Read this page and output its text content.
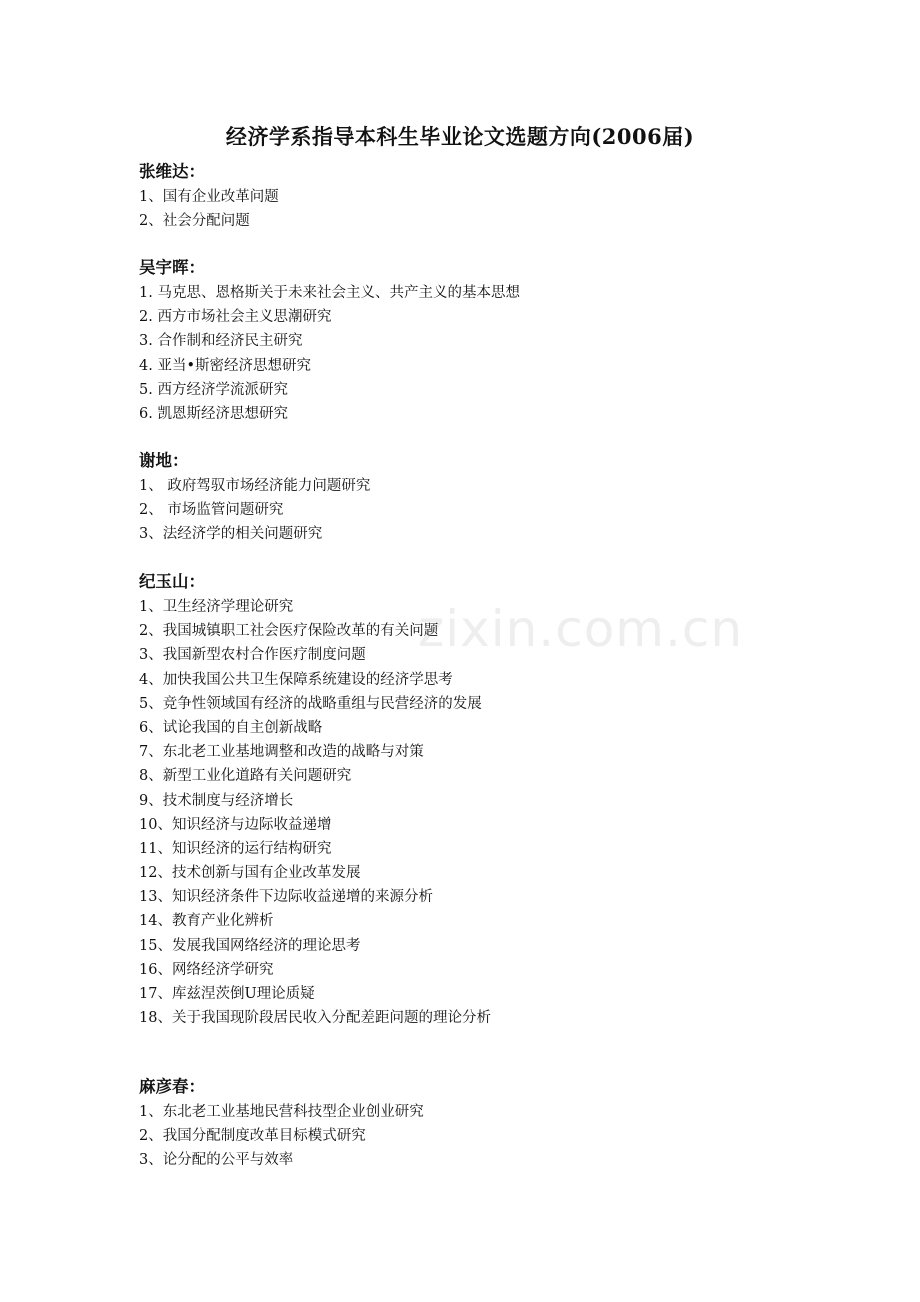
zixin.com.cn
经济学系指导本科生毕业论文选题方向(2006届)
张维达：
1、国有企业改革问题
2、社会分配问题
吴宇晖：
1. 马克思、恩格斯关于未来社会主义、共产主义的基本思想
2. 西方市场社会主义思潮研究
3. 合作制和经济民主研究
4. 亚当•斯密经济思想研究
5. 西方经济学流派研究
6. 凯恩斯经济思想研究
谢地：
1、 政府驾驭市场经济能力问题研究
2、 市场监管问题研究
3、法经济学的相关问题研究
纪玉山：
1、卫生经济学理论研究
2、我国城镇职工社会医疗保险改革的有关问题
3、我国新型农村合作医疗制度问题
4、加快我国公共卫生保障系统建设的经济学思考
5、竞争性领域国有经济的战略重组与民营经济的发展
6、试论我国的自主创新战略
7、东北老工业基地调整和改造的战略与对策
8、新型工业化道路有关问题研究
9、技术制度与经济增长
10、知识经济与边际收益递增
11、知识经济的运行结构研究
12、技术创新与国有企业改革发展
13、知识经济条件下边际收益递增的来源分析
14、教育产业化辨析
15、发展我国网络经济的理论思考
16、网络经济学研究
17、库兹涅茨倒U理论质疑
18、关于我国现阶段居民收入分配差距问题的理论分析
麻彦春：
1、东北老工业基地民营科技型企业创业研究
2、我国分配制度改革目标模式研究
3、论分配的公平与效率
